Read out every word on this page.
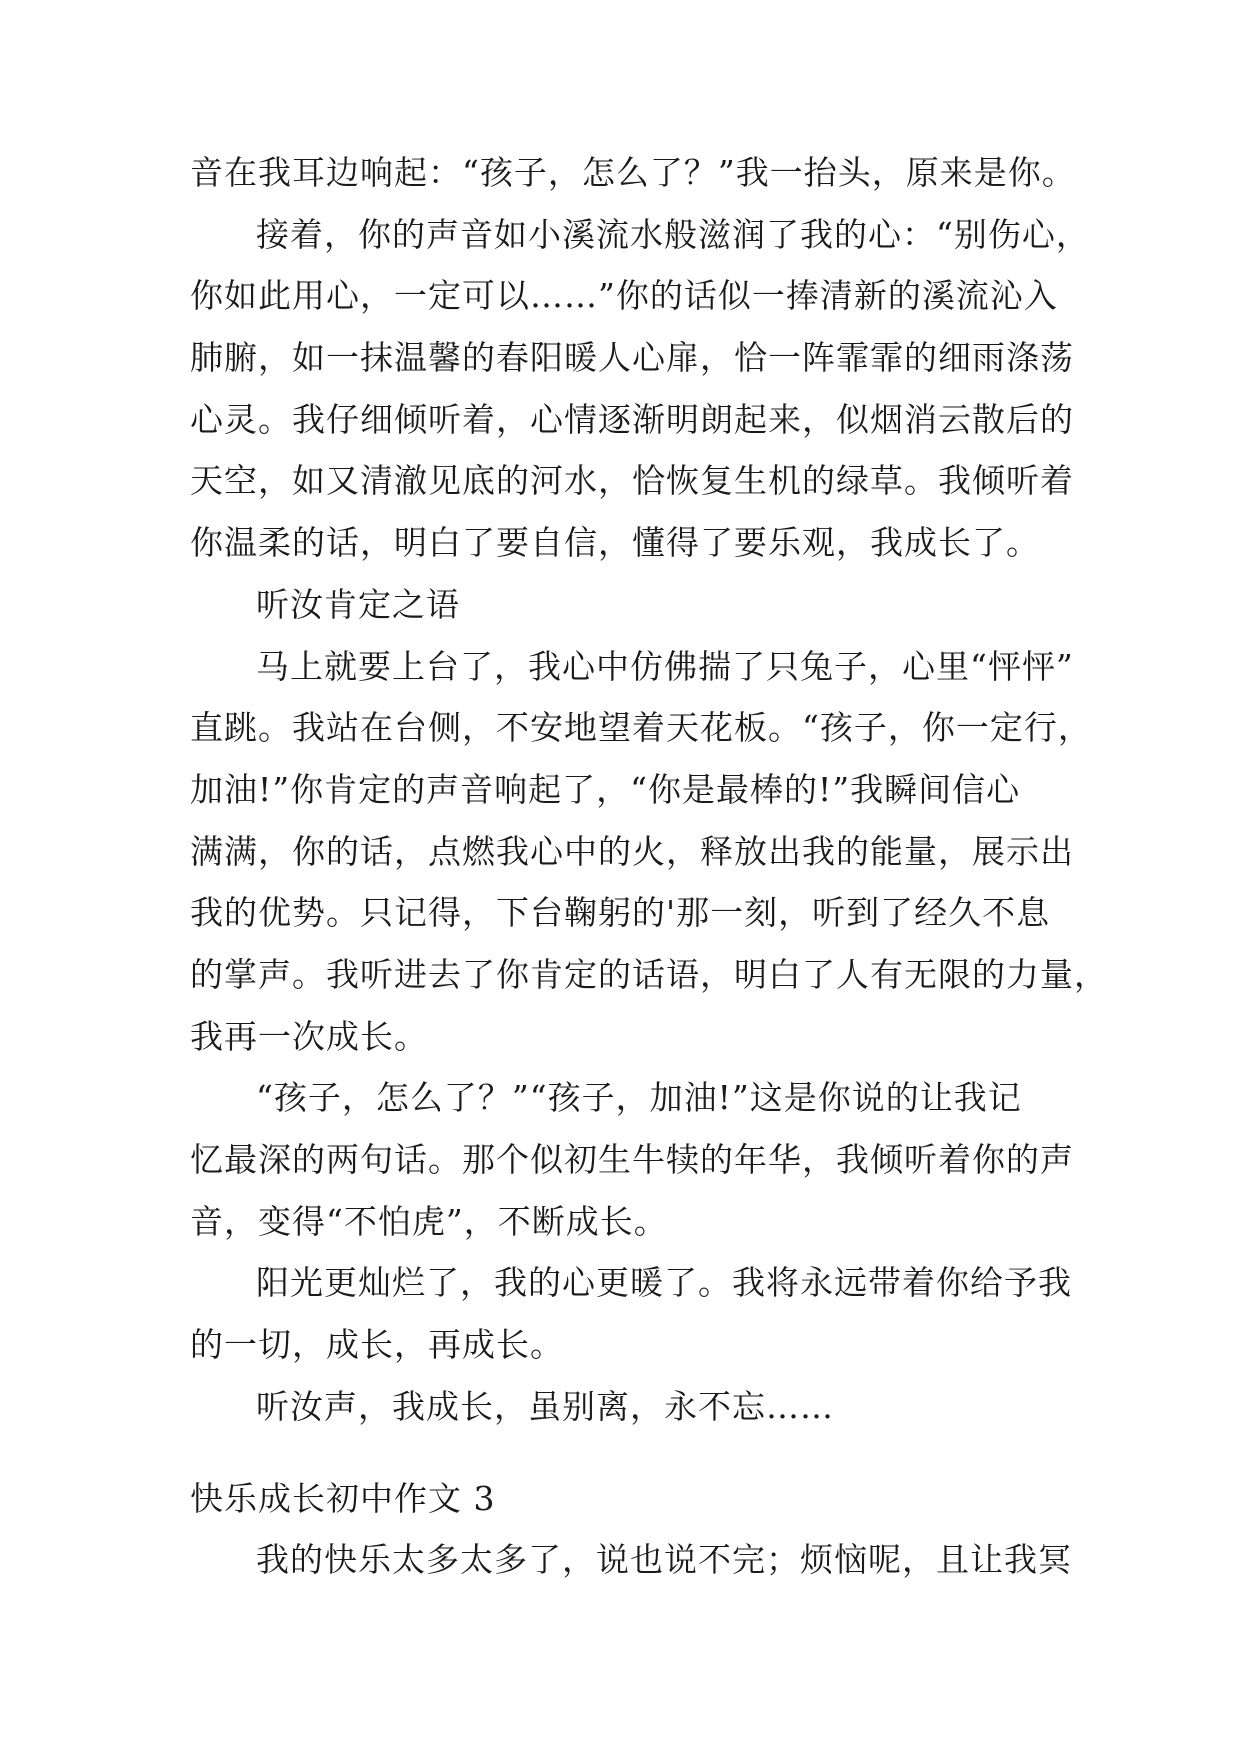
音在我耳边响起：“孩子，怎么了？”我一抬头，原来是你。
接着，你的声音如小溪流水般滋润了我的心：“别伤心，
你如此用心，一定可以……”你的话似一捧清新的溪流沁入
肺腑，如一抹温馨的春阳暖人心扉，恰一阵霏霏的细雨涤荡
心灵。我仔细倾听着，心情逐渐明朗起来，似烟消云散后的
天空，如又清澈见底的河水，恰恢复生机的绿草。我倾听着
你温柔的话，明白了要自信，懂得了要乐观，我成长了。
听汝肯定之语
马上就要上台了，我心中仿佛揣了只兔子，心里“怦怦”
直跳。我站在台侧，不安地望着天花板。“孩子，你一定行，
加油!”你肯定的声音响起了，“你是最棒的!”我瞬间信心
满满，你的话，点燃我心中的火，释放出我的能量，展示出
我的优势。只记得，下台鞠躬的'那一刻，听到了经久不息
的掌声。我听进去了你肯定的话语，明白了人有无限的力量，
我再一次成长。
“孩子，怎么了？”“孩子，加油!”这是你说的让我记
忆最深的两句话。那个似初生牛犊的年华，我倾听着你的声
音，变得“不怕虎”，不断成长。
阳光更灿烂了，我的心更暖了。我将永远带着你给予我
的一切，成长，再成长。
听汝声，我成长，虽别离，永不忘……
快乐成长初中作文 3
我的快乐太多太多了，说也说不完；烦恼呢，且让我冥
